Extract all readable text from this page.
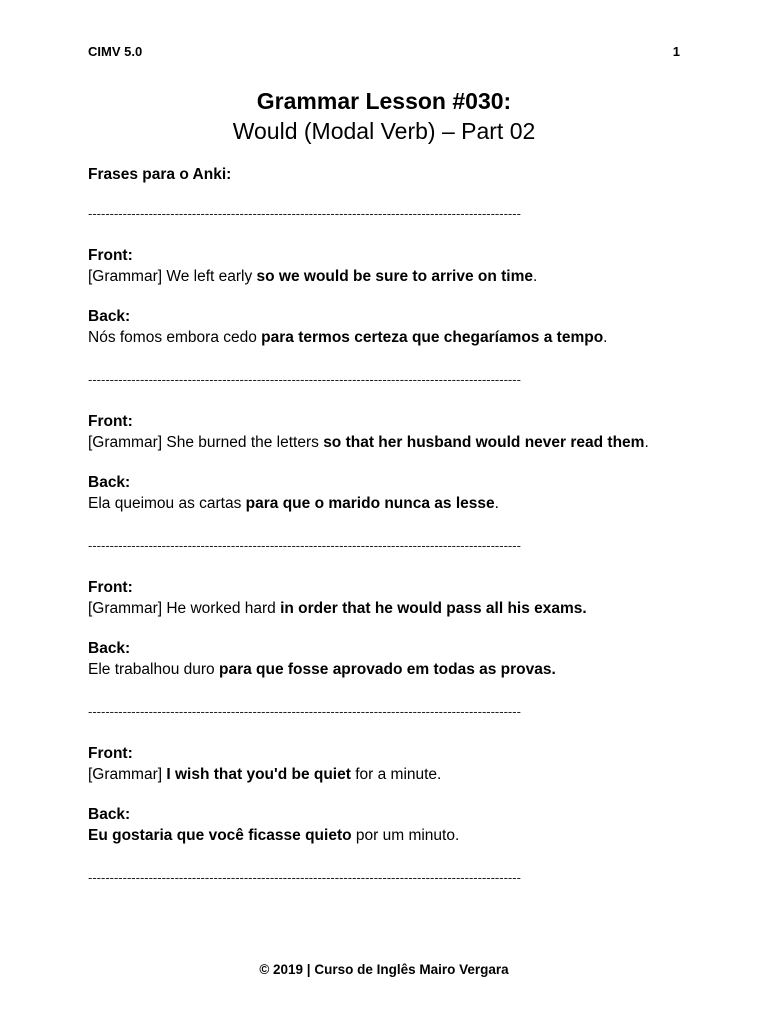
CIMV 5.0	1
Grammar Lesson #030:
Would (Modal Verb) – Part 02
Frases para o Anki:
----------------------------------------------------------------------------------------------------
Front:
[Grammar] We left early so we would be sure to arrive on time.
Back:
Nós fomos embora cedo para termos certeza que chegaríamos a tempo.
----------------------------------------------------------------------------------------------------
Front:
[Grammar] She burned the letters so that her husband would never read them.
Back:
Ela queimou as cartas para que o marido nunca as lesse.
----------------------------------------------------------------------------------------------------
Front:
[Grammar] He worked hard in order that he would pass all his exams.
Back:
Ele trabalhou duro para que fosse aprovado em todas as provas.
----------------------------------------------------------------------------------------------------
Front:
[Grammar] I wish that you'd be quiet for a minute.
Back:
Eu gostaria que você ficasse quieto por um minuto.
----------------------------------------------------------------------------------------------------
© 2019 | Curso de Inglês Mairo Vergara
